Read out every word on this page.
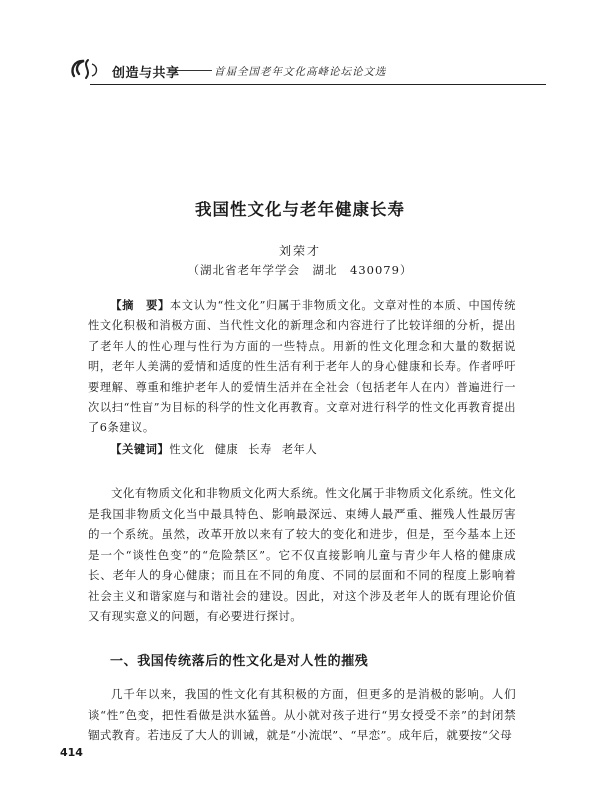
创造与共享	首届全国老年文化高峰论坛论文选
我国性文化与老年健康长寿
刘荣才
（湖北省老年学学会　湖北　430079）

【摘　要】本文认为“性文化”归属于非物质文化。文章对性的本质、中国传统性文化积极和消极方面、当代性文化的新理念和内容进行了比较详细的分析，提出了老年人的性心理与性行为方面的一些特点。用新的性文化理念和大量的数据说明，老年人美满的爱情和适度的性生活有利于老年人的身心健康和长寿。作者呼吁要理解、尊重和维护老年人的爱情生活并在全社会（包括老年人在内）普遍进行一次以扫“性盲”为目标的科学的性文化再教育。文章对进行科学的性文化再教育提出了6条建议。

【关键词】性文化 健康 长寿 老年人

文化有物质文化和非物质文化两大系统。性文化属于非物质文化系统。性文化是我国非物质文化当中最具特色、影响最深远、束缚人最严重、摧残人性最厉害的一个系统。虽然，改革开放以来有了较大的变化和进步，但是，至今基本上还是一个“谈性色变”的“危险禁区”。它不仅直接影响儿童与青少年人格的健康成长、老年人的身心健康；而且在不同的角度、不同的层面和不同的程度上影响着社会主义和谐家庭与和谐社会的建设。因此，对这个涉及老年人的既有理论价值又有现实意义的问题，有必要进行探讨。

一、我国传统落后的性文化是对人性的摧残

几千年以来，我国的性文化有其积极的方面，但更多的是消极的影响。人们谈“性”色变，把性看做是洪水猛兽。从小就对孩子进行“男女授受不亲”的封闭禁锢式教育。若违反了大人的训诫，就是“小流氓”、“早恋”。成年后，就要按“父母

414
